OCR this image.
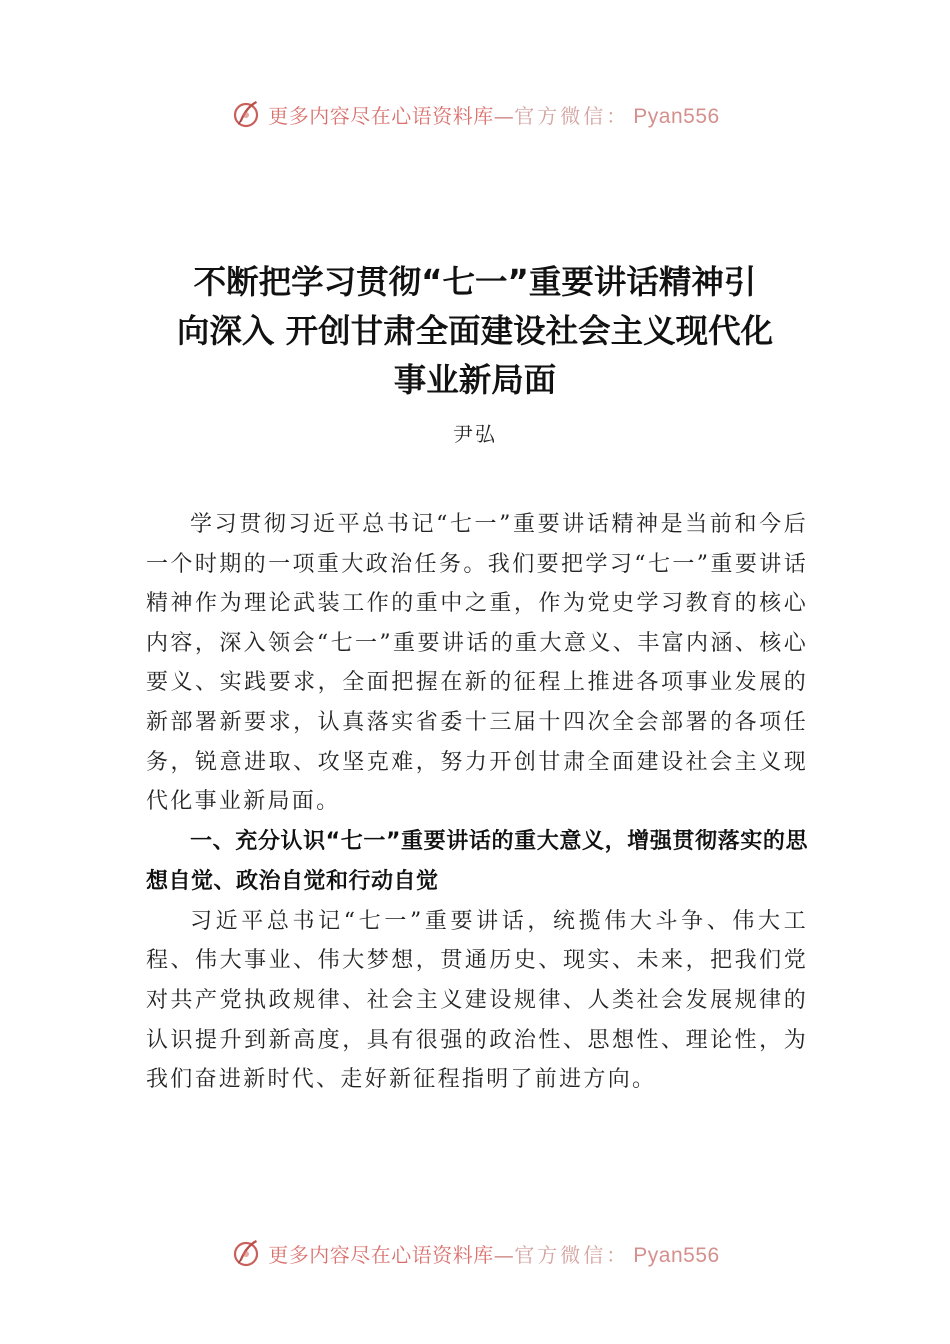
更多内容尽在心语资料库—官方微信： Pyan556
不断把学习贯彻“七一”重要讲话精神引
向深入 开创甘肃全面建设社会主义现代化
事业新局面
尹弘

学习贯彻习近平总书记“七一”重要讲话精神是当前和今后一个时期的一项重大政治任务。我们要把学习“七一”重要讲话精神作为理论武装工作的重中之重，作为党史学习教育的核心内容，深入领会“七一”重要讲话的重大意义、丰富内涵、核心要义、实践要求，全面把握在新的征程上推进各项事业发展的新部署新要求，认真落实省委十三届十四次全会部署的各项任务，锐意进取、攻坚克难，努力开创甘肃全面建设社会主义现代化事业新局面。

一、充分认识“七一”重要讲话的重大意义，增强贯彻落实的思想自觉、政治自觉和行动自觉

习近平总书记“七一”重要讲话，统揽伟大斗争、伟大工程、伟大事业、伟大梦想，贯通历史、现实、未来，把我们党对共产党执政规律、社会主义建设规律、人类社会发展规律的认识提升到新高度，具有很强的政治性、思想性、理论性，为我们奋进新时代、走好新征程指明了前进方向。

更多内容尽在心语资料库—官方微信： Pyan556
